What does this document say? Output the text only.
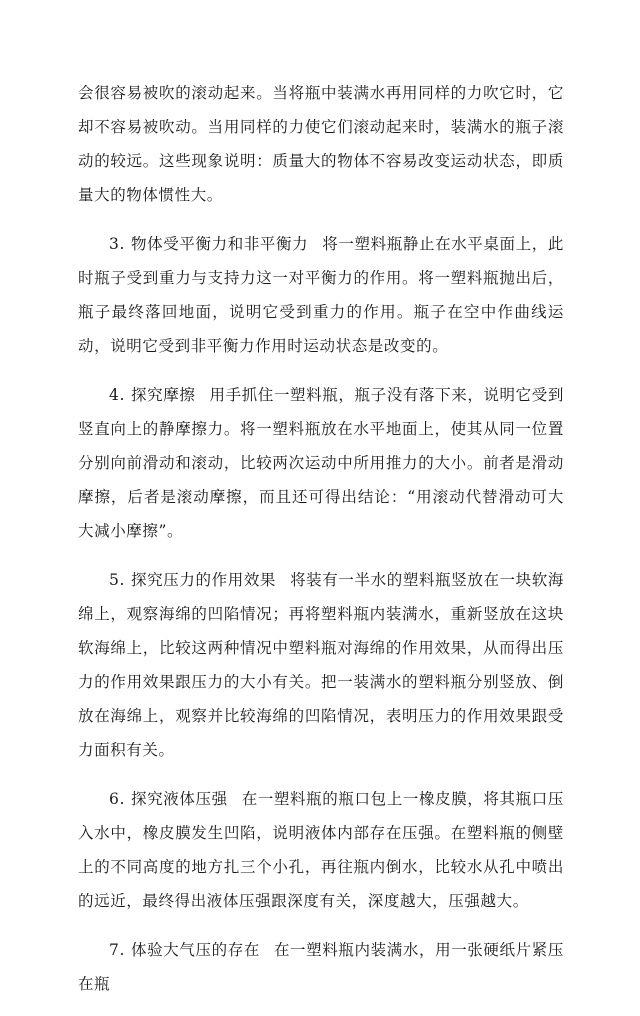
会很容易被吹的滚动起来。当将瓶中装满水再用同样的力吹它时，它却不容易被吹动。当用同样的力使它们滚动起来时，装满水的瓶子滚动的较远。这些现象说明：质量大的物体不容易改变运动状态，即质量大的物体惯性大。

3. 物体受平衡力和非平衡力 将一塑料瓶静止在水平桌面上，此时瓶子受到重力与支持力这一对平衡力的作用。将一塑料瓶抛出后，瓶子最终落回地面，说明它受到重力的作用。瓶子在空中作曲线运动，说明它受到非平衡力作用时运动状态是改变的。

4. 探究摩擦 用手抓住一塑料瓶，瓶子没有落下来，说明它受到竖直向上的静摩擦力。将一塑料瓶放在水平地面上，使其从同一位置分别向前滑动和滚动，比较两次运动中所用推力的大小。前者是滑动摩擦，后者是滚动摩擦，而且还可得出结论：“用滚动代替滑动可大大减小摩擦”。

5. 探究压力的作用效果 将装有一半水的塑料瓶竖放在一块软海绵上，观察海绵的凹陷情况；再将塑料瓶内装满水，重新竖放在这块软海绵上，比较这两种情况中塑料瓶对海绵的作用效果，从而得出压力的作用效果跟压力的大小有关。把一装满水的塑料瓶分别竖放、倒放在海绵上，观察并比较海绵的凹陷情况，表明压力的作用效果跟受力面积有关。

6. 探究液体压强 在一塑料瓶的瓶口包上一橡皮膜，将其瓶口压入水中，橡皮膜发生凹陷，说明液体内部存在压强。在塑料瓶的侧壁上的不同高度的地方扎三个小孔，再往瓶内倒水，比较水从孔中喷出的远近，最终得出液体压强跟深度有关，深度越大，压强越大。

7. 体验大气压的存在 在一塑料瓶内装满水，用一张硬纸片紧压在瓶
